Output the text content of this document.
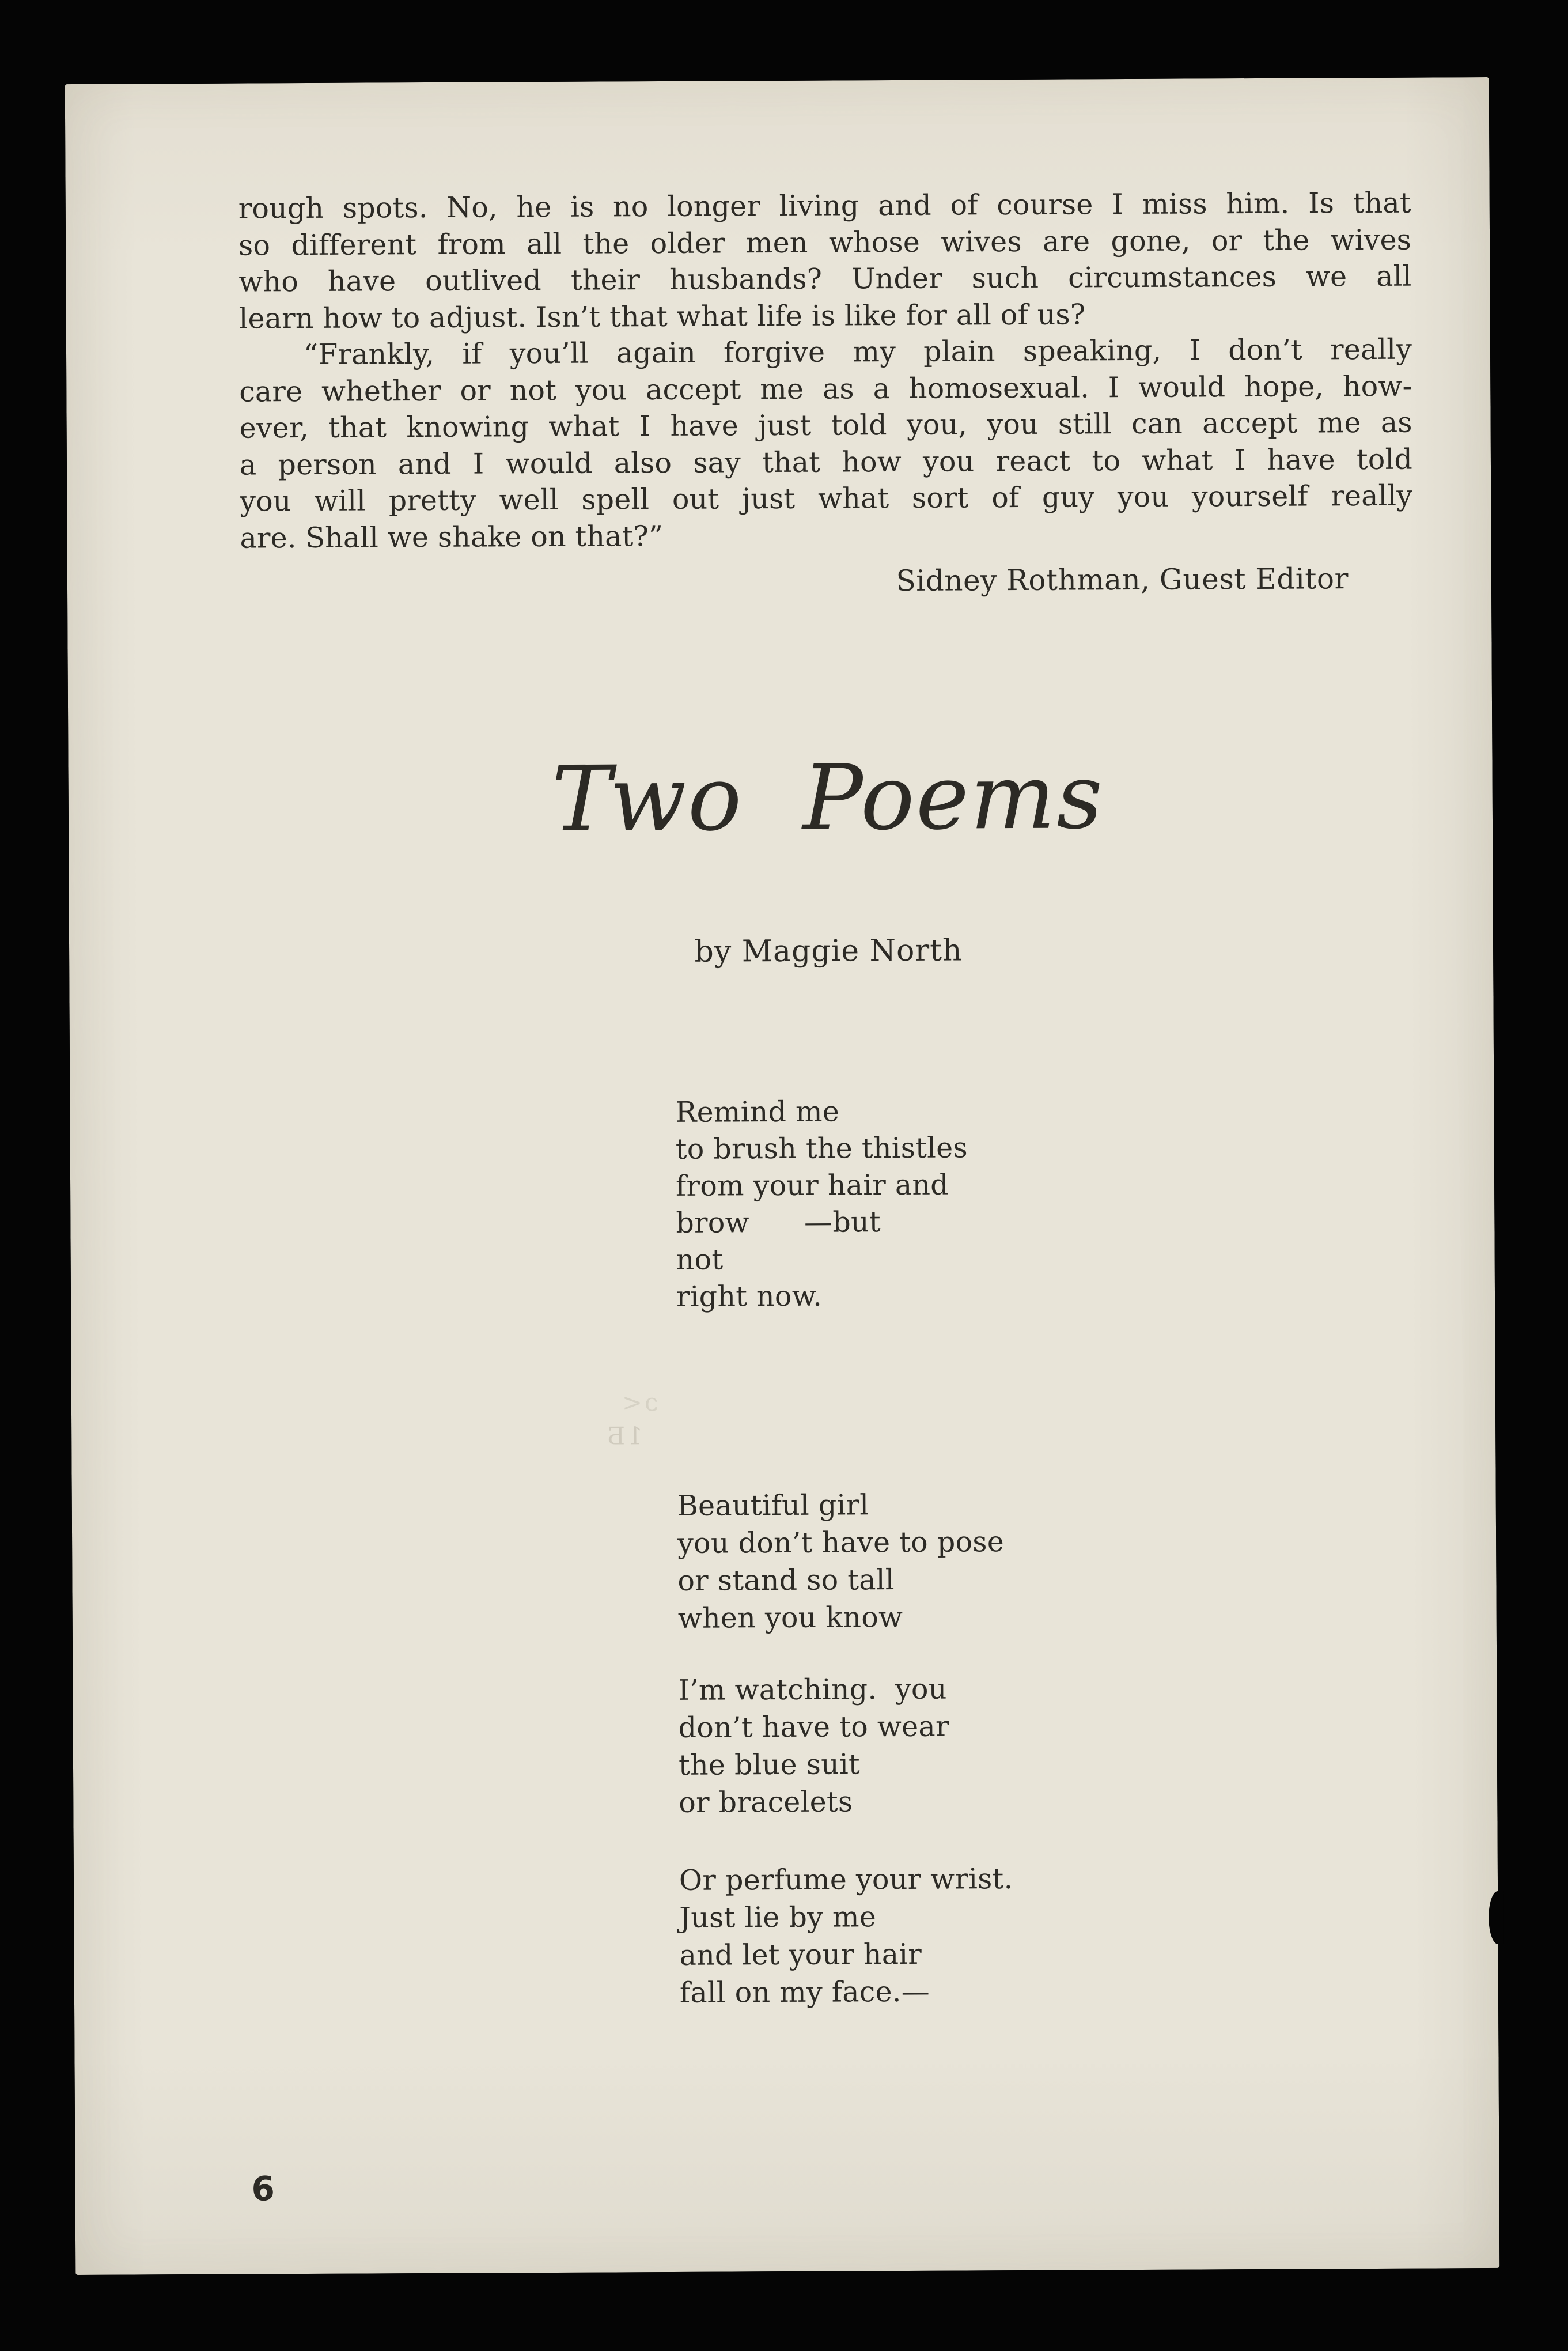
rough spots. No, he is no longer living and of course I miss him. Is that
so different from all the older men whose wives are gone, or the wives
who have outlived their husbands? Under such circumstances we all
learn how to adjust. Isn’t that what life is like for all of us?
“Frankly, if you’ll again forgive my plain speaking, I don’t really
care whether or not you accept me as a homosexual. I would hope, how-
ever, that knowing what I have just told you, you still can accept me as
a person and I would also say that how you react to what I have told
you will pretty well spell out just what sort of guy you yourself really
are. Shall we shake on that?”
Sidney Rothman, Guest Editor
Two Poems
by Maggie North
Remind me
to brush the thistles
from your hair and
brow      —but
not
right now.
ɔ<
1Б
Beautiful girl
you don’t have to pose
or stand so tall
when you know
I’m watching.  you
don’t have to wear
the blue suit
or bracelets
Or perfume your wrist.
Just lie by me
and let your hair
fall on my face.—
6
